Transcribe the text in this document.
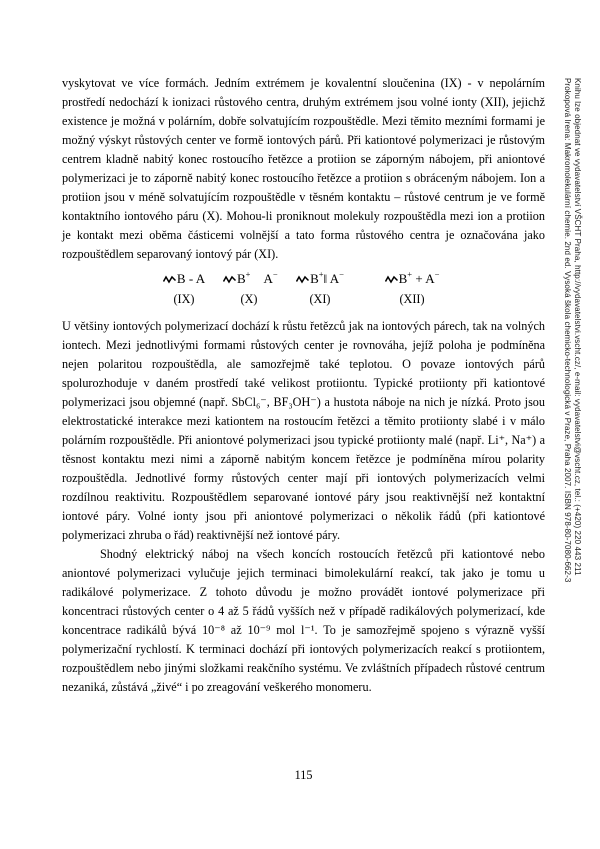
vyskytovat ve více formách. Jedním extrémem je kovalentní sloučenina (IX) - v nepolárním prostředí nedochází k ionizaci růstového centra, druhým extrémem jsou volné ionty (XII), jejichž existence je možná v polárním, dobře solvatujícím rozpouštědle. Mezi těmito mezními formami je možný výskyt růstových center ve formě iontových párů. Při kationtové polymerizaci je růstovým centrem kladně nabitý konec rostoucího řetězce a protiion se záporným nábojem, při aniontové polymerizaci je to záporně nabitý konec rostoucího řetězce a protiion s obráceným nábojem. Ion a protiion jsou v méně solvatujícím rozpouštědle v těsném kontaktu – růstové centrum je ve formě kontaktního iontového páru (X). Mohou-li proniknout molekuly rozpouštědla mezi ion a protiion je kontakt mezi oběma částicemi volnější a tato forma růstového centra je označována jako rozpouštědlem separovaný iontový pár (XI).

B - A
(IX)
B+   A−
(X)
B+‖ A−
(XI)
B+ + A−
(XII)

U většiny iontových polymerizací dochází k růstu řetězců jak na iontových párech, tak na volných iontech. Mezi jednotlivými formami růstových center je rovnováha, jejíž poloha je podmíněna nejen polaritou rozpouštědla, ale samozřejmě také teplotou. O povaze iontových párů spolurozhoduje v daném prostředí také velikost protiiontu. Typické protiionty při kationtové polymerizaci jsou objemné (např. SbCl₆⁻, BF₃OH⁻) a hustota náboje na nich je nízká. Proto jsou elektrostatické interakce mezi kationtem na rostoucím řetězci a těmito protiionty slabé i v málo polárním rozpouštědle. Při aniontové polymerizaci jsou typické protiionty malé (např. Li⁺, Na⁺) a těsnost kontaktu mezi nimi a záporně nabitým koncem řetězce je podmíněna mírou polarity rozpouštědla. Jednotlivé formy růstových center mají při iontových polymerizacích velmi rozdílnou reaktivitu. Rozpouštědlem separované iontové páry jsou reaktivnější než kontaktní iontové páry. Volné ionty jsou při aniontové polymerizaci o několik řádů (při kationtové polymerizaci zhruba o řád) reaktivnější než iontové páry.

Shodný elektrický náboj na všech koncích rostoucích řetězců při kationtové nebo aniontové polymerizaci vylučuje jejich terminaci bimolekulární reakcí, tak jako je tomu u radikálové polymerizace. Z tohoto důvodu je možno provádět iontové polymerizace při koncentraci růstových center o 4 až 5 řádů vyšších než v případě radikálových polymerizací, kde koncentrace radikálů bývá 10⁻⁸ až 10⁻⁹ mol l⁻¹. To je samozřejmě spojeno s výrazně vyšší polymerizační rychlostí. K terminaci dochází při iontových polymerizacích reakcí s protiiontem, rozpouštědlem nebo jinými složkami reakčního systému. Ve zvláštních případech růstové centrum nezaniká, zůstává „živé“ i po zreagování veškerého monomeru.

115
Prokopová Irena: Makromolekulární chemie. 2nd ed. Vysoká škola chemicko-technologická v Praze, Praha 2007. ISBN 978-80-7080-662-3 Knihu lze objednat ve vydavatelství VŠCHT Praha, http://vydavatelstvi.vscht.cz/, e-mail: vydavatelstvi@vscht.cz, tel.: (+420) 220 443 211
